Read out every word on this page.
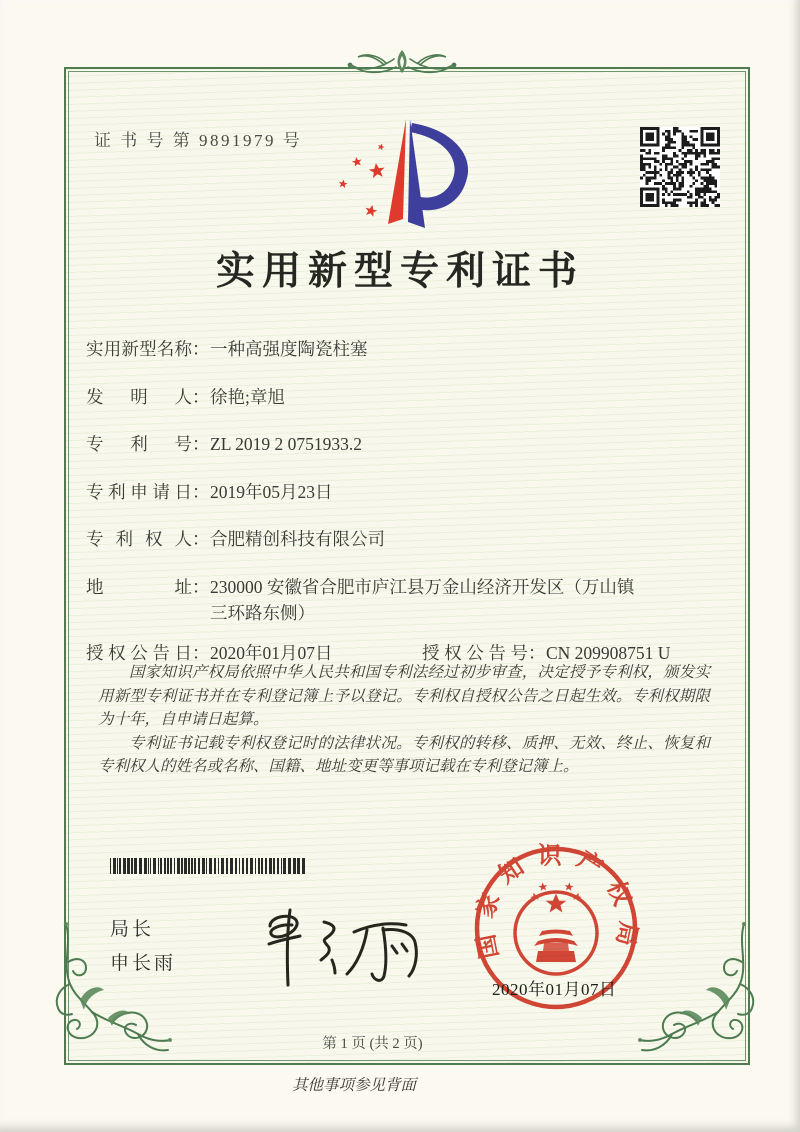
证 书 号 第 9891979 号
实用新型专利证书
实用新型名称 ： 一种高强度陶瓷柱塞
发明人 ： 徐艳;章旭
专利号 ： ZL 2019 2 0751933.2
专利申请日 ： 2019年05月23日
专利权人 ： 合肥精创科技有限公司
地址 ： 230000 安徽省合肥市庐江县万金山经济开发区（万山镇三环路东侧）
授权公告日 ： 2020年01月07日	授权公告号 ： CN 209908751 U

国家知识产权局依照中华人民共和国专利法经过初步审查，决定授予专利权，颁发实用新型专利证书并在专利登记簿上予以登记。专利权自授权公告之日起生效。专利权期限为十年，自申请日起算。

专利证书记载专利权登记时的法律状况。专利权的转移、质押、无效、终止、恢复和专利权人的姓名或名称、国籍、地址变更等事项记载在专利登记簿上。

局长
申长雨
国家知识产权局
2020年01月07日
第 1 页 (共 2 页)
其他事项参见背面
